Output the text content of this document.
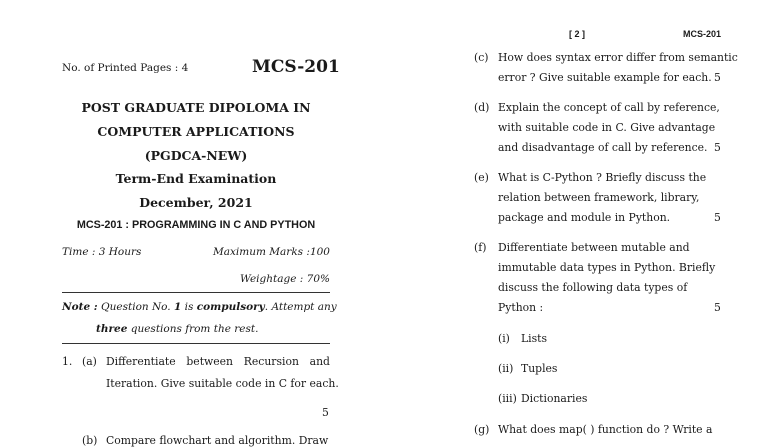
No. of Printed Pages : 4	MCS-201
POST GRADUATE DIPOLOMA IN
COMPUTER APPLICATIONS
(PGDCA-NEW)
Term-End Examination
December, 2021
MCS-201 : PROGRAMMING IN C AND PYTHON
Time : 3 Hours	Maximum Marks :100
Weightage : 70%
Note : Question No. 1 is compulsory. Attempt any
three questions from the rest.
1. (a) Differentiate between Recursion and
Iteration. Give suitable code in C for each.
5
(b) Compare flowchart and algorithm. Draw
[ 2 ]	MCS-201
(c) How does syntax error differ from semantic
error ? Give suitable example for each. 5
(d) Explain the concept of call by reference,
with suitable code in C. Give advantage
and disadvantage of call by reference. 5
(e) What is C-Python ? Briefly discuss the
relation between framework, library,
package and module in Python.	5
(f) Differentiate between mutable and
immutable data types in Python. Briefly
discuss the following data types of
Python :	5
(i) Lists
(ii) Tuples
(iii) Dictionaries
(g) What does map( ) function do ? Write a
